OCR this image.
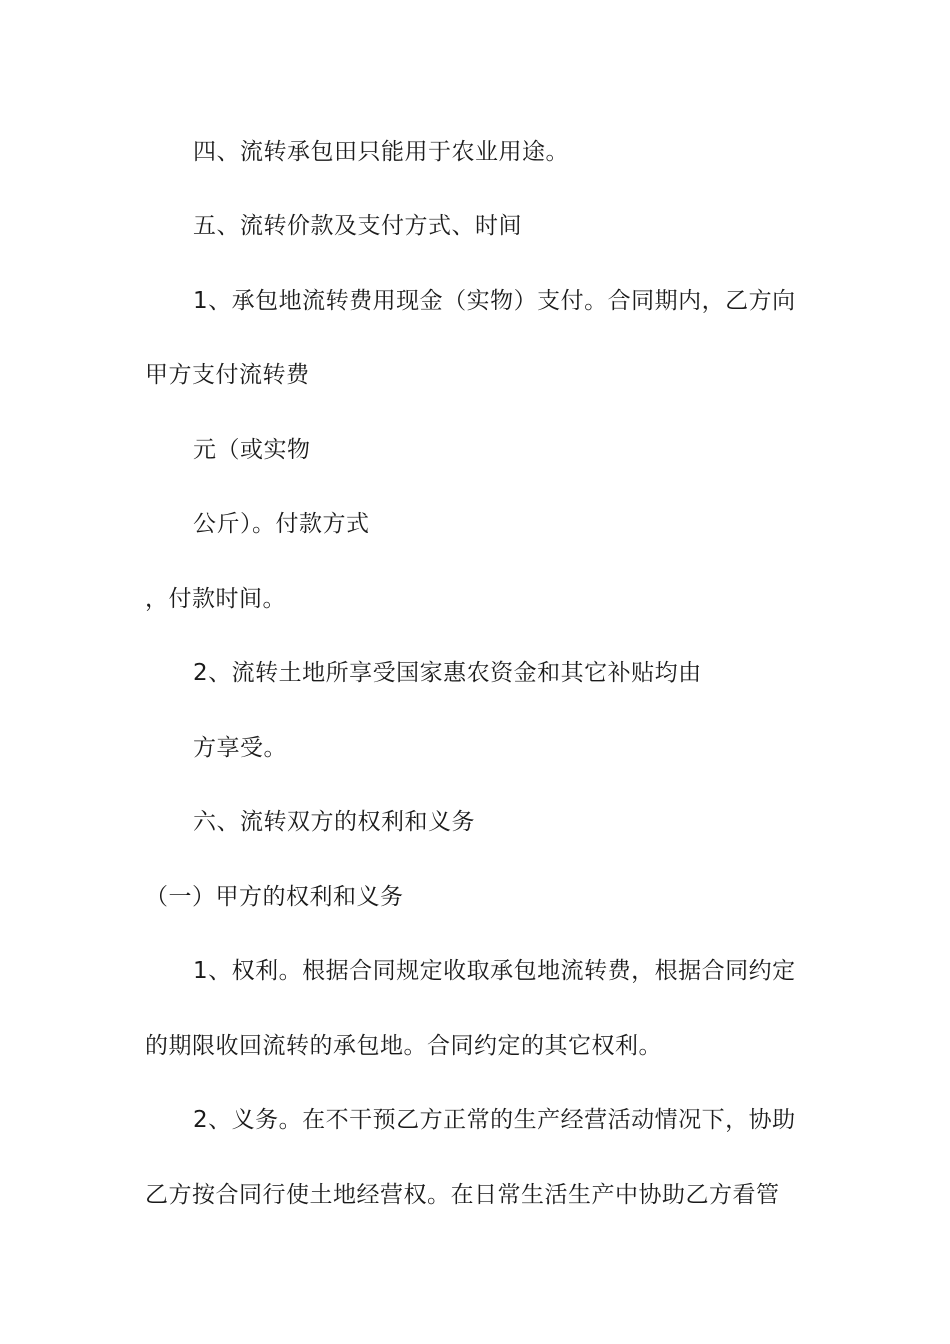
四、流转承包田只能用于农业用途。
五、流转价款及支付方式、时间
1、承包地流转费用现金（实物）支付。合同期内，乙方向
甲方支付流转费
元（或实物
公斤）。付款方式
，付款时间。
2、流转土地所享受国家惠农资金和其它补贴均由
方享受。
六、流转双方的权利和义务
（一）甲方的权利和义务
1、权利。根据合同规定收取承包地流转费，根据合同约定
的期限收回流转的承包地。合同约定的其它权利。
2、义务。在不干预乙方正常的生产经营活动情况下，协助
乙方按合同行使土地经营权。在日常生活生产中协助乙方看管
